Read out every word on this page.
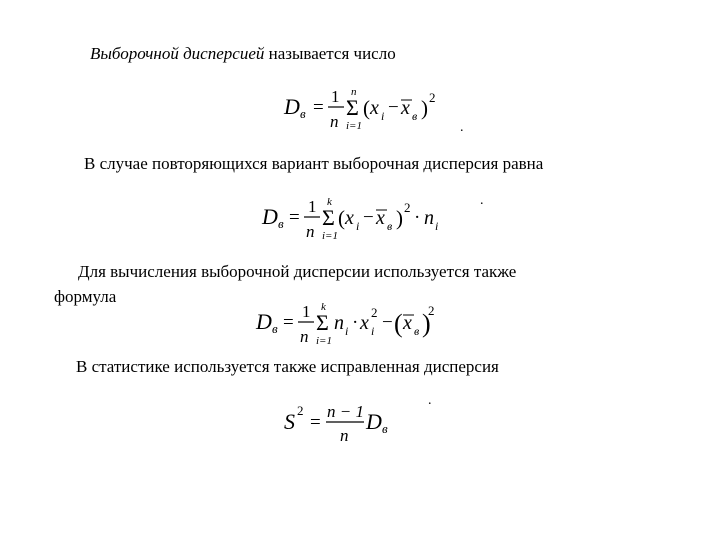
Выборочной дисперсией называется число
В случае повторяющихся вариант выборочная дисперсия равна
Для вычисления выборочной дисперсии используется также
формула
В статистике используется также исправленная дисперсия
.
.
.
D в =
1
n
n
Σ
i=1
( x i − x в ) 2
D в =
1
n
k
Σ
i=1
( x i − x в ) 2 · n i
D в =
1
n
k
Σ
i=1
n i · x i
2 − ( x в )
2
S 2
=
n − 1
n
D в
